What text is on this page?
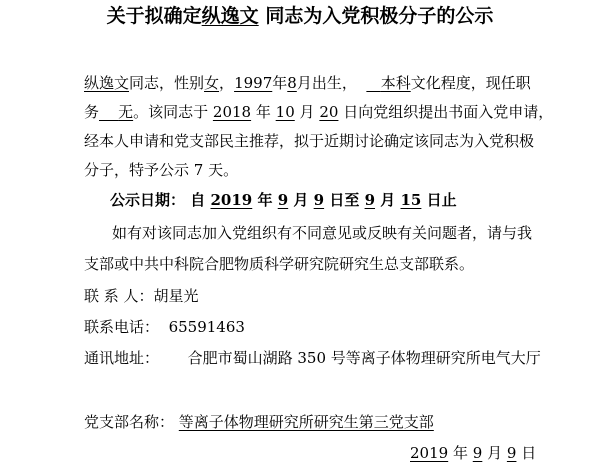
关于拟确定纵逸文 同志为入党积极分子的公示
纵逸文同志，性别女，1997年8月出生， 本科文化程度，现任职
务 无。该同志于 2018 年 10 月 20 日向党组织提出书面入党申请，
经本人申请和党支部民主推荐，拟于近期讨论确定该同志为入党积极
分子，特予公示 7 天。
公示日期： 自 2019 年 9 月 9 日至 9 月 15 日止
如有对该同志加入党组织有不同意见或反映有关问题者，请与我
支部或中共中科院合肥物质科学研究院研究生总支部联系。
联 系 人：胡星光
联系电话： 65591463
通讯地址： 合肥市蜀山湖路 350 号等离子体物理研究所电气大厅
党支部名称： 等离子体物理研究所研究生第三党支部
2019 年 9 月 9 日
